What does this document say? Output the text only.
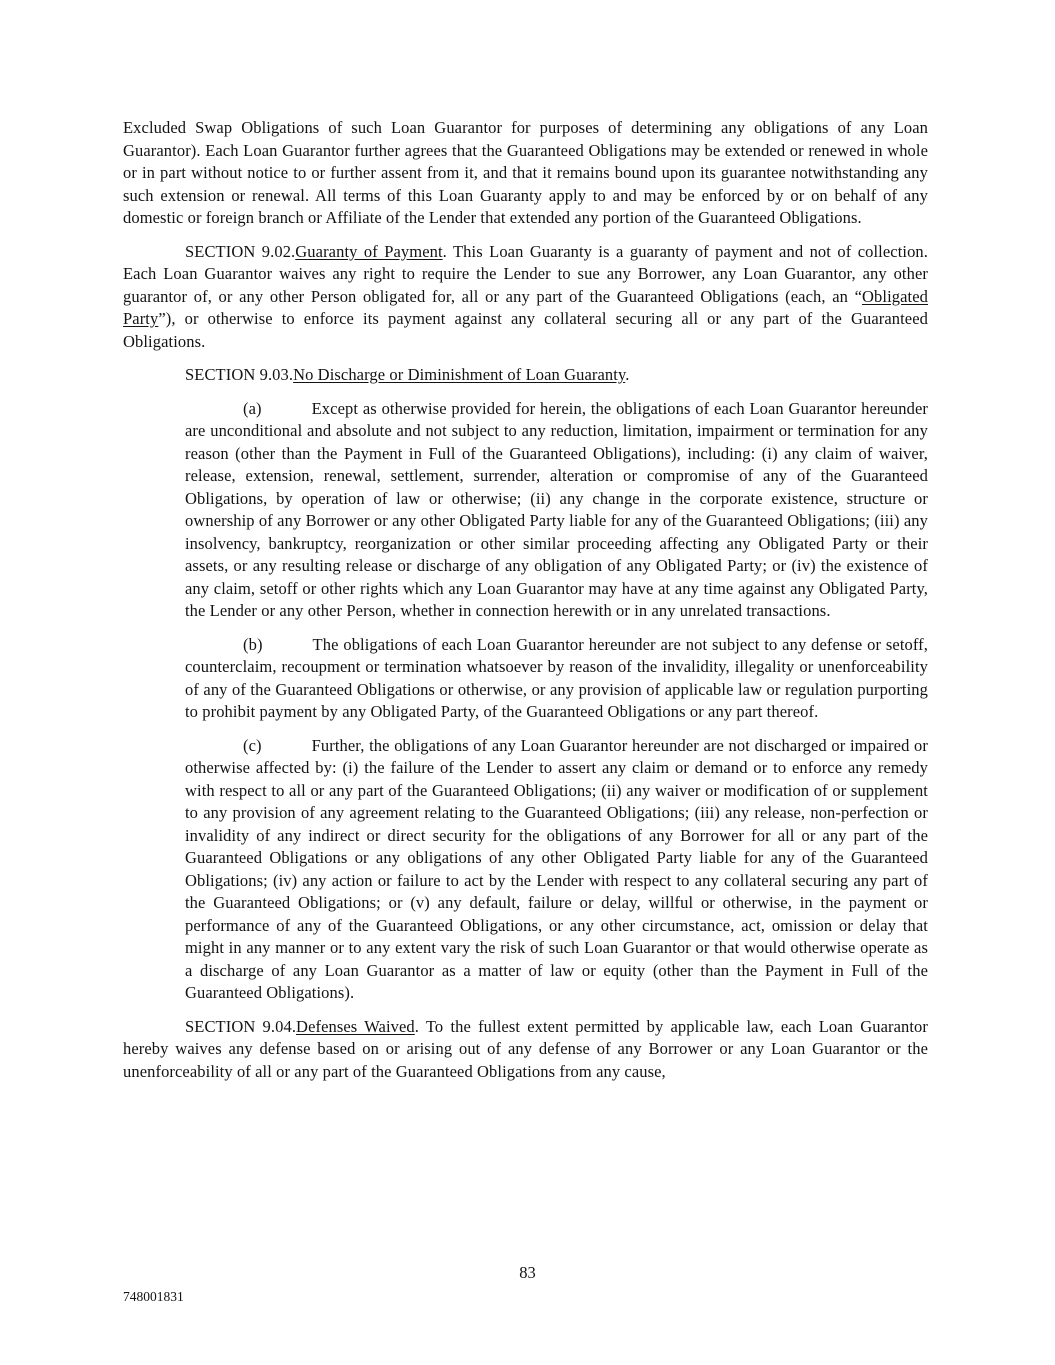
Excluded Swap Obligations of such Loan Guarantor for purposes of determining any obligations of any Loan Guarantor). Each Loan Guarantor further agrees that the Guaranteed Obligations may be extended or renewed in whole or in part without notice to or further assent from it, and that it remains bound upon its guarantee notwithstanding any such extension or renewal. All terms of this Loan Guaranty apply to and may be enforced by or on behalf of any domestic or foreign branch or Affiliate of the Lender that extended any portion of the Guaranteed Obligations.

SECTION 9.02.Guaranty of Payment. This Loan Guaranty is a guaranty of payment and not of collection. Each Loan Guarantor waives any right to require the Lender to sue any Borrower, any Loan Guarantor, any other guarantor of, or any other Person obligated for, all or any part of the Guaranteed Obligations (each, an “Obligated Party”), or otherwise to enforce its payment against any collateral securing all or any part of the Guaranteed Obligations.

SECTION 9.03.No Discharge or Diminishment of Loan Guaranty.

(a)	Except as otherwise provided for herein, the obligations of each Loan Guarantor hereunder are unconditional and absolute and not subject to any reduction, limitation, impairment or termination for any reason (other than the Payment in Full of the Guaranteed Obligations), including: (i) any claim of waiver, release, extension, renewal, settlement, surrender, alteration or compromise of any of the Guaranteed Obligations, by operation of law or otherwise; (ii) any change in the corporate existence, structure or ownership of any Borrower or any other Obligated Party liable for any of the Guaranteed Obligations; (iii) any insolvency, bankruptcy, reorganization or other similar proceeding affecting any Obligated Party or their assets, or any resulting release or discharge of any obligation of any Obligated Party; or (iv) the existence of any claim, setoff or other rights which any Loan Guarantor may have at any time against any Obligated Party, the Lender or any other Person, whether in connection herewith or in any unrelated transactions.

(b)	The obligations of each Loan Guarantor hereunder are not subject to any defense or setoff, counterclaim, recoupment or termination whatsoever by reason of the invalidity, illegality or unenforceability of any of the Guaranteed Obligations or otherwise, or any provision of applicable law or regulation purporting to prohibit payment by any Obligated Party, of the Guaranteed Obligations or any part thereof.

(c)	Further, the obligations of any Loan Guarantor hereunder are not discharged or impaired or otherwise affected by: (i) the failure of the Lender to assert any claim or demand or to enforce any remedy with respect to all or any part of the Guaranteed Obligations; (ii) any waiver or modification of or supplement to any provision of any agreement relating to the Guaranteed Obligations; (iii) any release, non-perfection or invalidity of any indirect or direct security for the obligations of any Borrower for all or any part of the Guaranteed Obligations or any obligations of any other Obligated Party liable for any of the Guaranteed Obligations; (iv) any action or failure to act by the Lender with respect to any collateral securing any part of the Guaranteed Obligations; or (v) any default, failure or delay, willful or otherwise, in the payment or performance of any of the Guaranteed Obligations, or any other circumstance, act, omission or delay that might in any manner or to any extent vary the risk of such Loan Guarantor or that would otherwise operate as a discharge of any Loan Guarantor as a matter of law or equity (other than the Payment in Full of the Guaranteed Obligations).

SECTION 9.04.Defenses Waived. To the fullest extent permitted by applicable law, each Loan Guarantor hereby waives any defense based on or arising out of any defense of any Borrower or any Loan Guarantor or the unenforceability of all or any part of the Guaranteed Obligations from any cause,

83
748001831
